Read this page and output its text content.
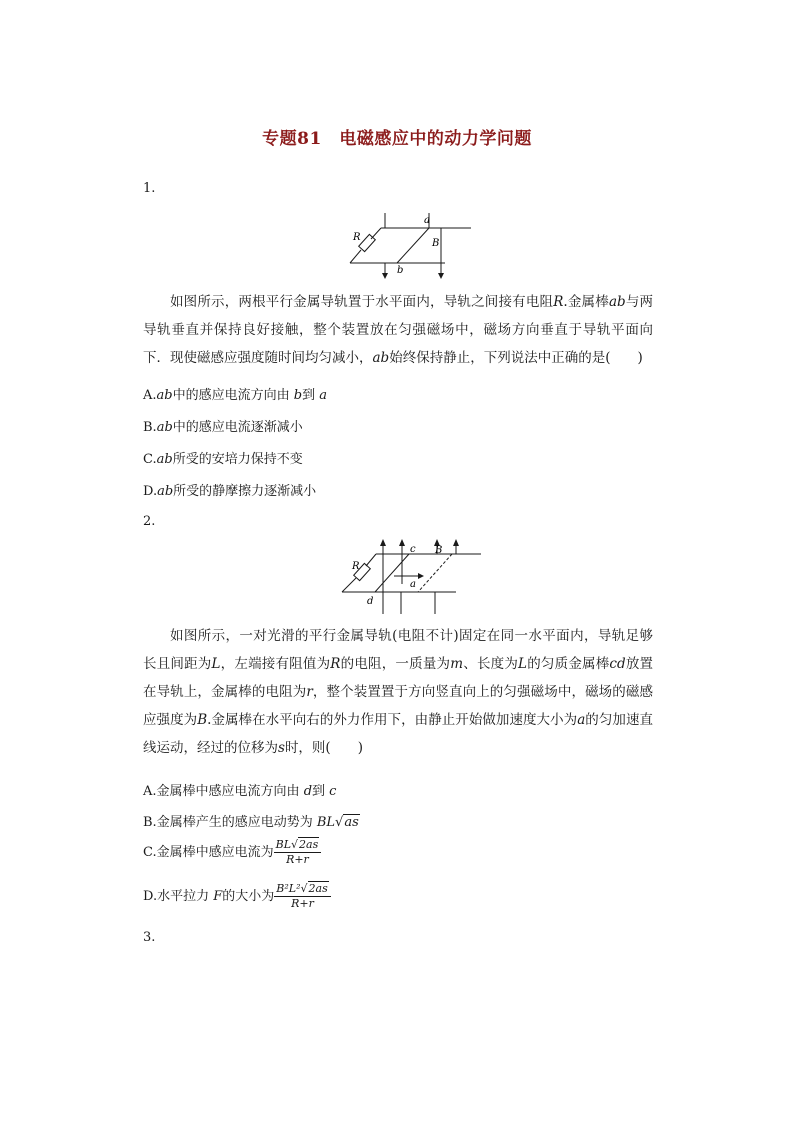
专题81　电磁感应中的动力学问题
1.
R
a
B
b
如图所示，两根平行金属导轨置于水平面内，导轨之间接有电阻R.金属棒ab与两导轨垂直并保持良好接触，整个装置放在匀强磁场中，磁场方向垂直于导轨平面向下．现使磁感应强度随时间均匀减小，ab始终保持静止，下列说法中正确的是(　　)
A.ab中的感应电流方向由 b到 a
B.ab中的感应电流逐渐减小
C.ab所受的安培力保持不变
D.ab所受的静摩擦力逐渐减小
2.
R
c B
a
d
如图所示，一对光滑的平行金属导轨(电阻不计)固定在同一水平面内，导轨足够长且间距为L，左端接有阻值为R的电阻，一质量为m、长度为L的匀质金属棒cd放置在导轨上，金属棒的电阻为r，整个装置置于方向竖直向上的匀强磁场中，磁场的磁感应强度为B.金属棒在水平向右的外力作用下，由静止开始做加速度大小为a的匀加速直线运动，经过的位移为s时，则(　　)
A.金属棒中感应电流方向由 d到 c
B.金属棒产生的感应电动势为 BL√as
C.金属棒中感应电流为 $\frac{BL√2as}{R+r}$
D.水平拉力 F的大小为 $\frac{\text{B²L²√2as}}{R+r}$
3.
